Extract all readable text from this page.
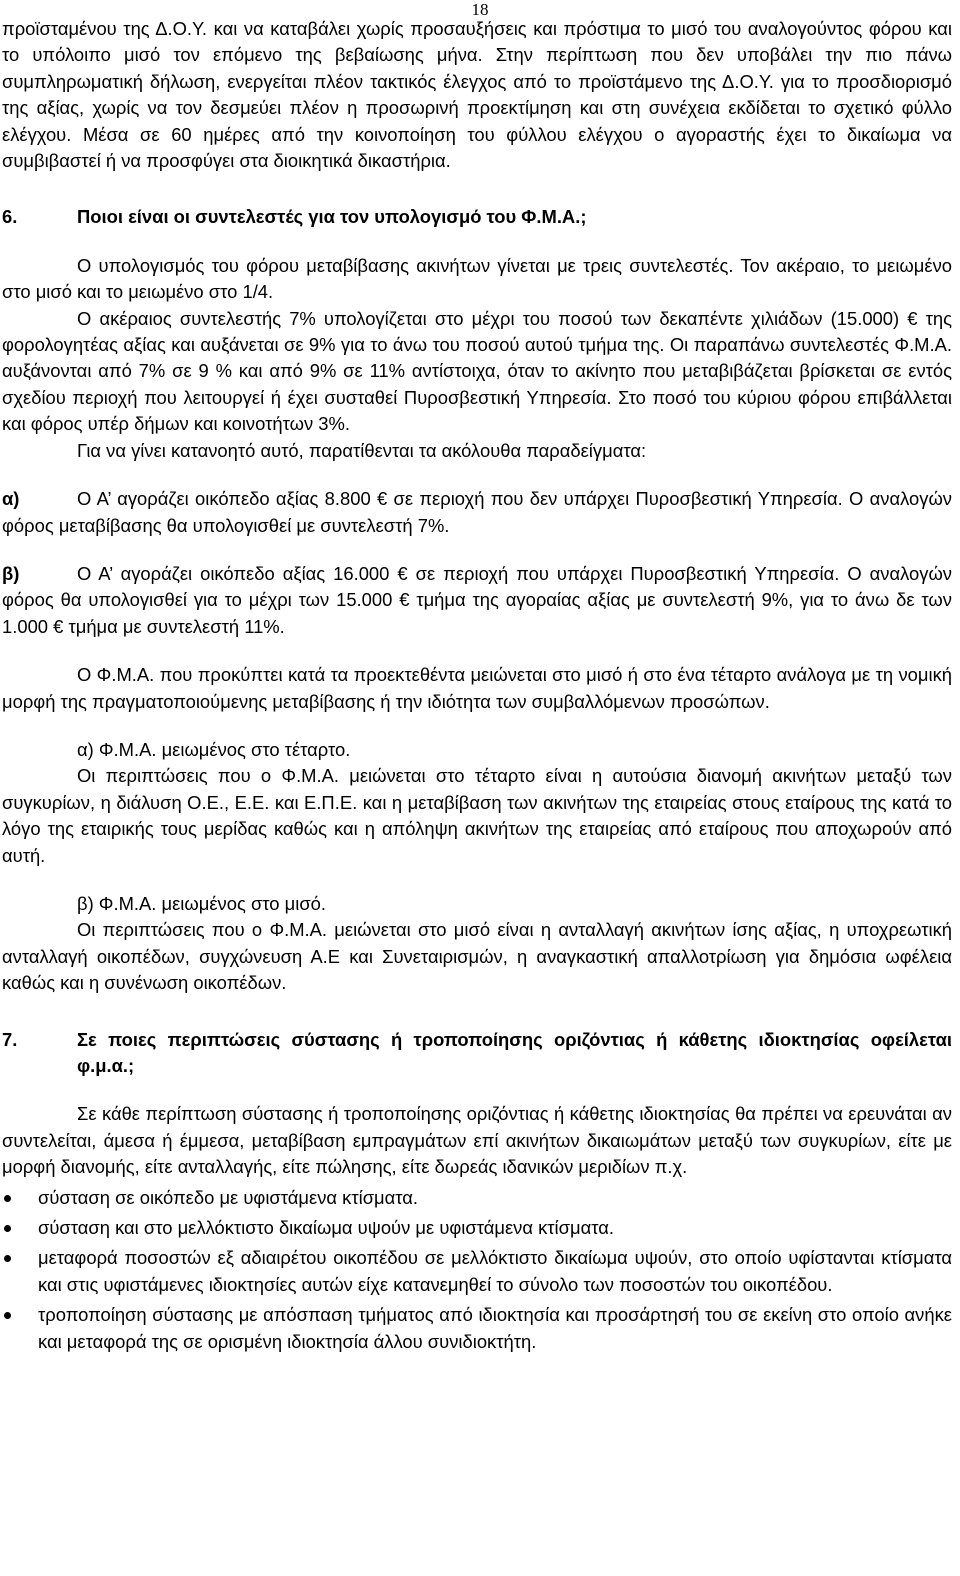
18

προϊσταμένου της Δ.Ο.Υ. και να καταβάλει χωρίς προσαυξήσεις και πρόστιμα το μισό του αναλογούντος φόρου και το υπόλοιπο μισό τον επόμενο της βεβαίωσης μήνα. Στην περίπτωση που δεν υποβάλει την πιο πάνω συμπληρωματική δήλωση, ενεργείται πλέον τακτικός έλεγχος από το προϊστάμενο της Δ.Ο.Υ. για το προσδιορισμό της αξίας, χωρίς να τον δεσμεύει πλέον η προσωρινή προεκτίμηση και στη συνέχεια εκδίδεται το σχετικό φύλλο ελέγχου. Μέσα σε 60 ημέρες από την κοινοποίηση του φύλλου ελέγχου ο αγοραστής έχει το δικαίωμα να συμβιβαστεί ή να προσφύγει στα διοικητικά δικαστήρια.

6.	Ποιοι είναι οι συντελεστές για τον υπολογισμό του Φ.Μ.Α.;

Ο υπολογισμός του φόρου μεταβίβασης ακινήτων γίνεται με τρεις συντελεστές. Τον ακέραιο, το μειωμένο στο μισό και το μειωμένο στο 1/4.

Ο ακέραιος συντελεστής 7% υπολογίζεται στο μέχρι του ποσού των δεκαπέντε χιλιάδων (15.000) € της φορολογητέας αξίας και αυξάνεται σε 9% για το άνω του ποσού αυτού τμήμα της. Οι παραπάνω συντελεστές Φ.Μ.Α. αυξάνονται από 7% σε 9 % και από 9% σε 11% αντίστοιχα, όταν το ακίνητο που μεταβιβάζεται βρίσκεται σε εντός σχεδίου περιοχή που λειτουργεί ή έχει συσταθεί Πυροσβεστική Υπηρεσία. Στο ποσό του κύριου φόρου επιβάλλεται και φόρος υπέρ δήμων και κοινοτήτων 3%.

Για να γίνει κατανοητό αυτό, παρατίθενται τα ακόλουθα παραδείγματα:

α)	Ο Α’ αγοράζει οικόπεδο αξίας 8.800 € σε περιοχή που δεν υπάρχει Πυροσβεστική Υπηρεσία. Ο αναλογών φόρος μεταβίβασης θα υπολογισθεί με συντελεστή 7%.

β)	Ο Α’ αγοράζει οικόπεδο αξίας 16.000 € σε περιοχή που υπάρχει Πυροσβεστική Υπηρεσία. Ο αναλογών φόρος θα υπολογισθεί για το μέχρι των 15.000 € τμήμα της αγοραίας αξίας με συντελεστή 9%, για το άνω δε των 1.000 € τμήμα με συντελεστή 11%.

Ο Φ.Μ.Α. που προκύπτει κατά τα προεκτεθέντα μειώνεται στο μισό ή στο ένα τέταρτο ανάλογα με τη νομική μορφή της πραγματοποιούμενης μεταβίβασης ή την ιδιότητα των συμβαλλόμενων προσώπων.

α) Φ.Μ.Α. μειωμένος στο τέταρτο.

Οι περιπτώσεις που ο Φ.Μ.Α. μειώνεται στο τέταρτο είναι η αυτούσια διανομή ακινήτων μεταξύ των συγκυρίων, η διάλυση Ο.Ε., Ε.Ε. και Ε.Π.Ε. και η μεταβίβαση των ακινήτων της εταιρείας στους εταίρους της κατά το λόγο της εταιρικής τους μερίδας καθώς και η απόληψη ακινήτων της εταιρείας από εταίρους που αποχωρούν από αυτή.

β) Φ.Μ.Α. μειωμένος στο μισό.

Οι περιπτώσεις που ο Φ.Μ.Α. μειώνεται στο μισό είναι η ανταλλαγή ακινήτων ίσης αξίας, η υποχρεωτική ανταλλαγή οικοπέδων, συγχώνευση Α.Ε και Συνεταιρισμών, η αναγκαστική απαλλοτρίωση για δημόσια ωφέλεια καθώς και η συνένωση οικοπέδων.

7.	Σε ποιες περιπτώσεις σύστασης ή τροποποίησης οριζόντιας ή κάθετης ιδιοκτησίας οφείλεται φ.μ.α.;

Σε κάθε περίπτωση σύστασης ή τροποποίησης οριζόντιας ή κάθετης ιδιοκτησίας θα πρέπει να ερευνάται αν συντελείται, άμεσα ή έμμεσα, μεταβίβαση εμπραγμάτων επί ακινήτων δικαιωμάτων μεταξύ των συγκυρίων, είτε με μορφή διανομής, είτε ανταλλαγής, είτε πώλησης, είτε δωρεάς ιδανικών μεριδίων π.χ.

σύσταση σε οικόπεδο με υφιστάμενα κτίσματα.
σύσταση και στο μελλόκτιστο δικαίωμα υψούν με υφιστάμενα κτίσματα.
μεταφορά ποσοστών εξ αδιαιρέτου οικοπέδου σε μελλόκτιστο δικαίωμα υψούν, στο οποίο υφίστανται κτίσματα και στις υφιστάμενες ιδιοκτησίες αυτών είχε κατανεμηθεί το σύνολο των ποσοστών του οικοπέδου.
τροποποίηση σύστασης με απόσπαση τμήματος από ιδιοκτησία και προσάρτησή του σε εκείνη στο οποίο ανήκε και μεταφορά της σε ορισμένη ιδιοκτησία άλλου συνιδιοκτήτη.
